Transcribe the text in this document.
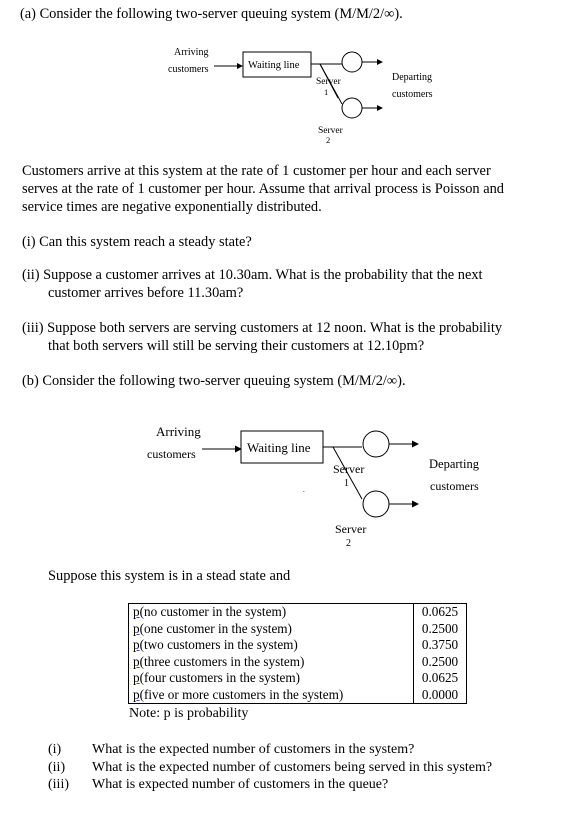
(a) Consider the following two-server queuing system (M/M/2/∞).
Arriving
customers	Waiting line
Server
1
Server
2
Departing
customers
Customers arrive at this system at the rate of 1 customer per hour and each server
serves at the rate of 1 customer per hour. Assume that arrival process is Poisson and
service times are negative exponentially distributed.
(i) Can this system reach a steady state?
(ii) Suppose a customer arrives at 10.30am. What is the probability that the next
customer arrives before 11.30am?
(iii) Suppose both servers are serving customers at 12 noon. What is the probability
that both servers will still be serving their customers at 12.10pm?
(b) Consider the following two-server queuing system (M/M/2/∞).
Arriving
customers	Waiting line
Server
1
.
Server
2
Departing
customers
Suppose this system is in a stead state and
p(no customer in the system)	0.0625
p(one customer in the system)	0.2500
p(two customers in the system)	0.3750
p(three customers in the system)	0.2500
p(four customers in the system)	0.0625
p(five or more customers in the system)	0.0000
Note: p is probability
(i) What is the expected number of customers in the system?
(ii) What is the expected number of customers being served in this system?
(iii) What is expected number of customers in the queue?
